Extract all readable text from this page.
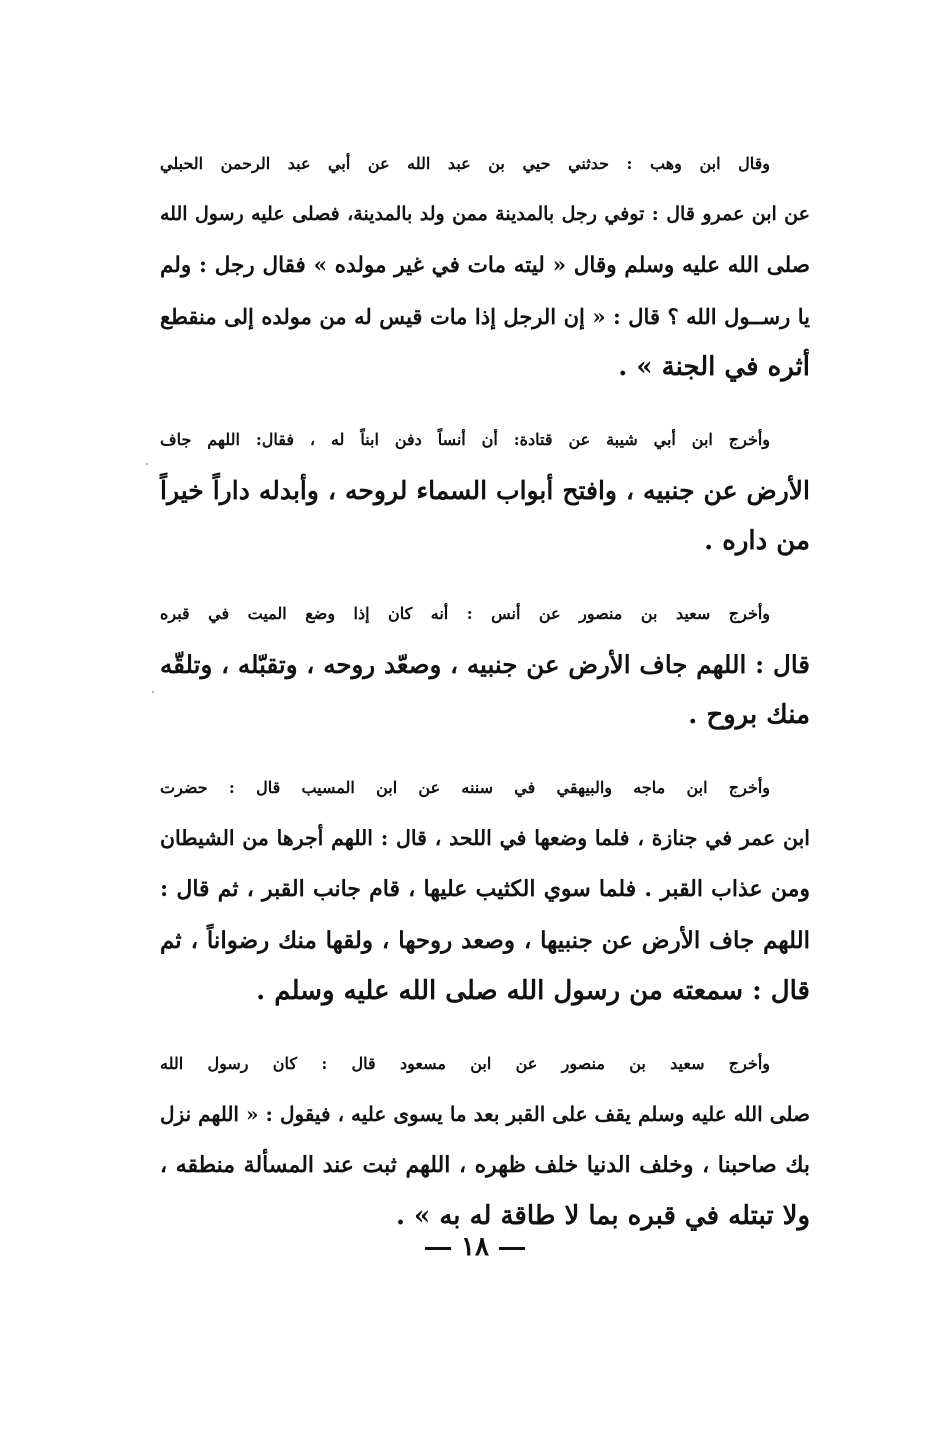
وقال ابن وهب : حدثني حيي بن عبد الله عن أبي عبد الرحمن الحبلي
عن ابن عمرو قال : توفي رجل بالمدينة ممن ولد بالمدينة، فصلى عليه رسول الله
صلى الله عليه وسلم وقال « ليته مات في غير مولده » فقال رجل : ولم
يا رســول الله ؟ قال : « إن الرجل إذا مات قيس له من مولده إلى منقطع
أثره في الجنة » .

وأخرج ابن أبي شيبة عن قتادة: أن أنساً دفن ابناً له ، فقال: اللهم جاف
الأرض عن جنبيه ، وافتح أبواب السماء لروحه ، وأبدله داراً خيراً
من داره .

وأخرج سعيد بن منصور عن أنس : أنه كان إذا وضع الميت في قبره
قال : اللهم جاف الأرض عن جنبيه ، وصعّد روحه ، وتقبّله ، وتلقّه
منك بروح .

وأخرج ابن ماجه والبيهقي في سننه عن ابن المسيب قال : حضرت
ابن عمر في جنازة ، فلما وضعها في اللحد ، قال : اللهم أجرها من الشيطان
ومن عذاب القبر . فلما سوي الكثيب عليها ، قام جانب القبر ، ثم قال :
اللهم جاف الأرض عن جنبيها ، وصعد روحها ، ولقها منك رضواناً ، ثم
قال : سمعته من رسول الله صلى الله عليه وسلم .

وأخرج سعيد بن منصور عن ابن مسعود قال : كان رسول الله
صلى الله عليه وسلم يقف على القبر بعد ما يسوى عليه ، فيقول : « اللهم نزل
بك صاحبنا ، وخلف الدنيا خلف ظهره ، اللهم ثبت عند المسألة منطقه ،
ولا تبتله في قبره بما لا طاقة له به » .

١٨
